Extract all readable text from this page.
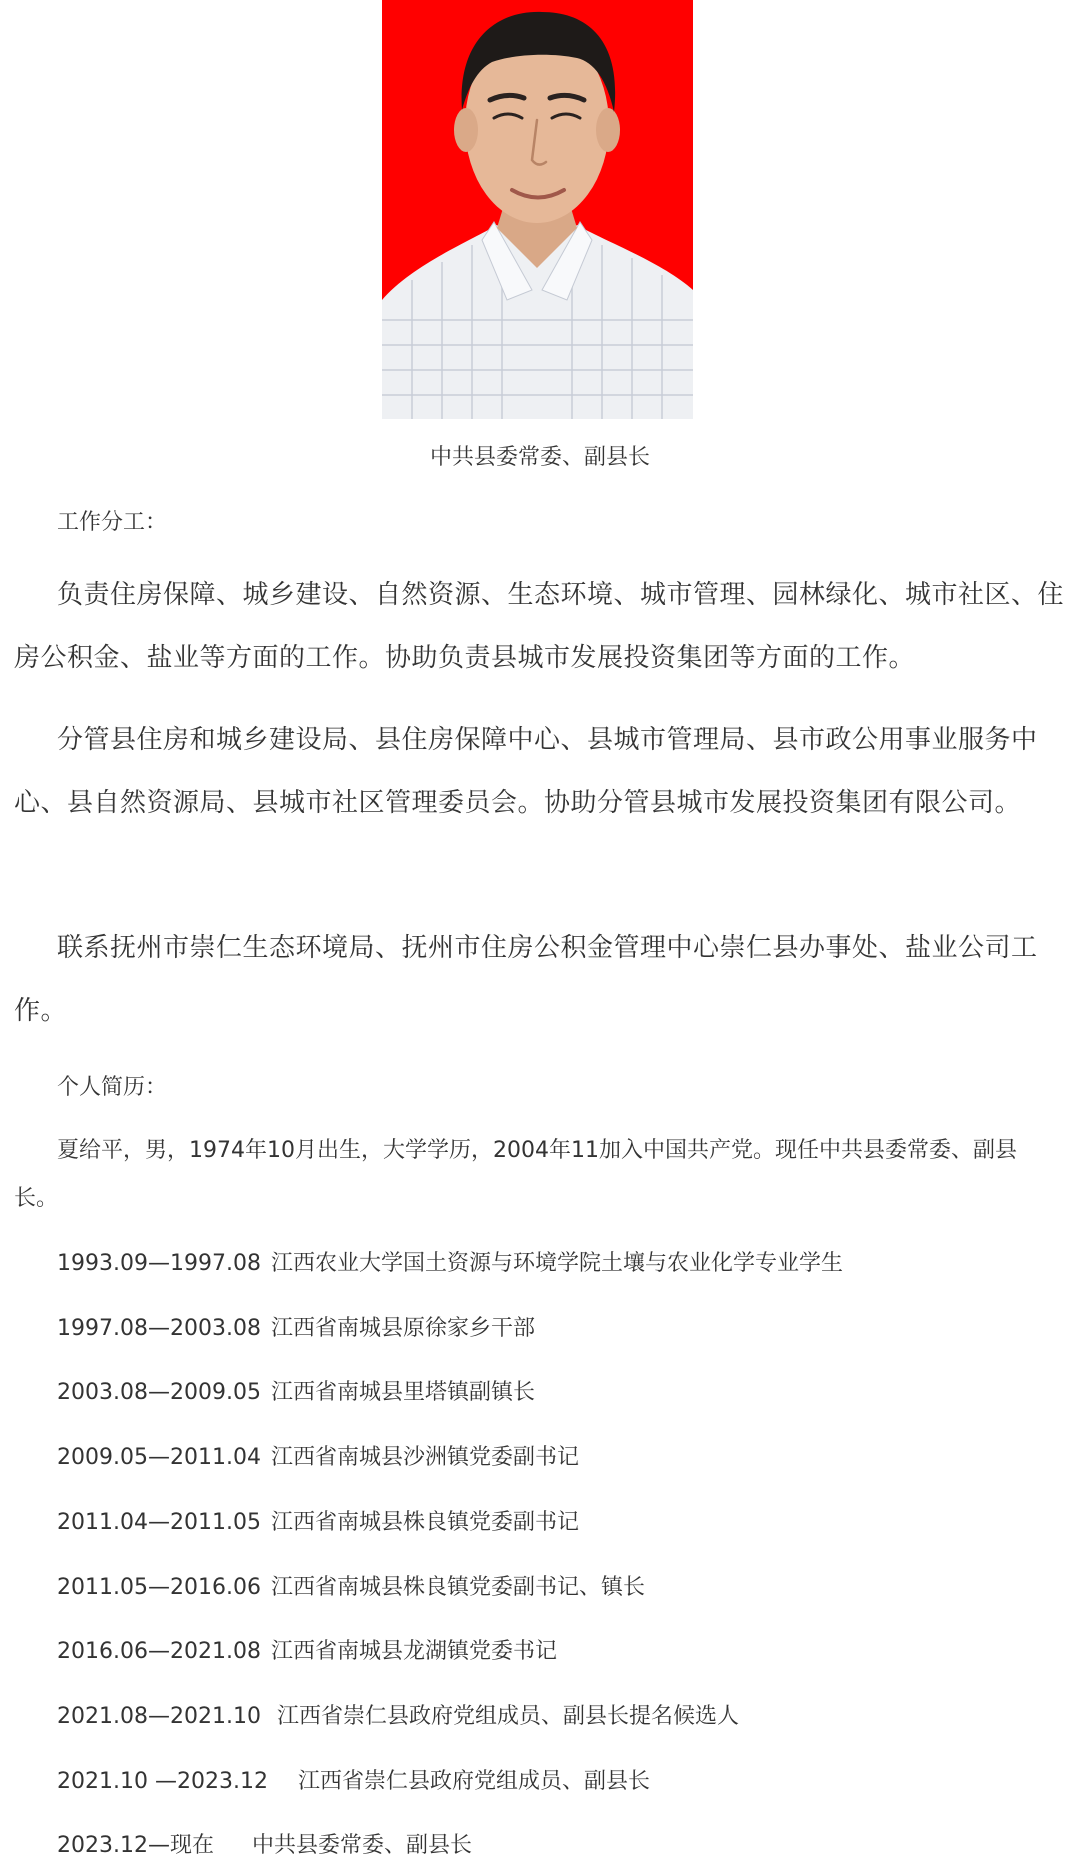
中共县委常委、副县长
工作分工：
负责住房保障、城乡建设、自然资源、生态环境、城市管理、园林绿化、城市社区、住房公积金、盐业等方面的工作。协助负责县城市发展投资集团等方面的工作。
分管县住房和城乡建设局、县住房保障中心、县城市管理局、县市政公用事业服务中心、县自然资源局、县城市社区管理委员会。协助分管县城市发展投资集团有限公司。
联系抚州市崇仁生态环境局、抚州市住房公积金管理中心崇仁县办事处、盐业公司工作。
个人简历：
夏给平，男，1974年10月出生，大学学历，2004年11加入中国共产党。现任中共县委常委、副县长。
1993.09—1997.08 江西农业大学国土资源与环境学院土壤与农业化学专业学生
1997.08—2003.08 江西省南城县原徐家乡干部
2003.08—2009.05 江西省南城县里塔镇副镇长
2009.05—2011.04 江西省南城县沙洲镇党委副书记
2011.04—2011.05 江西省南城县株良镇党委副书记
2011.05—2016.06 江西省南城县株良镇党委副书记、镇长
2016.06—2021.08 江西省南城县龙湖镇党委书记
2021.08—2021.10 江西省崇仁县政府党组成员、副县长提名候选人
2021.10 —2023.12 江西省崇仁县政府党组成员、副县长
2023.12—现在 中共县委常委、副县长
